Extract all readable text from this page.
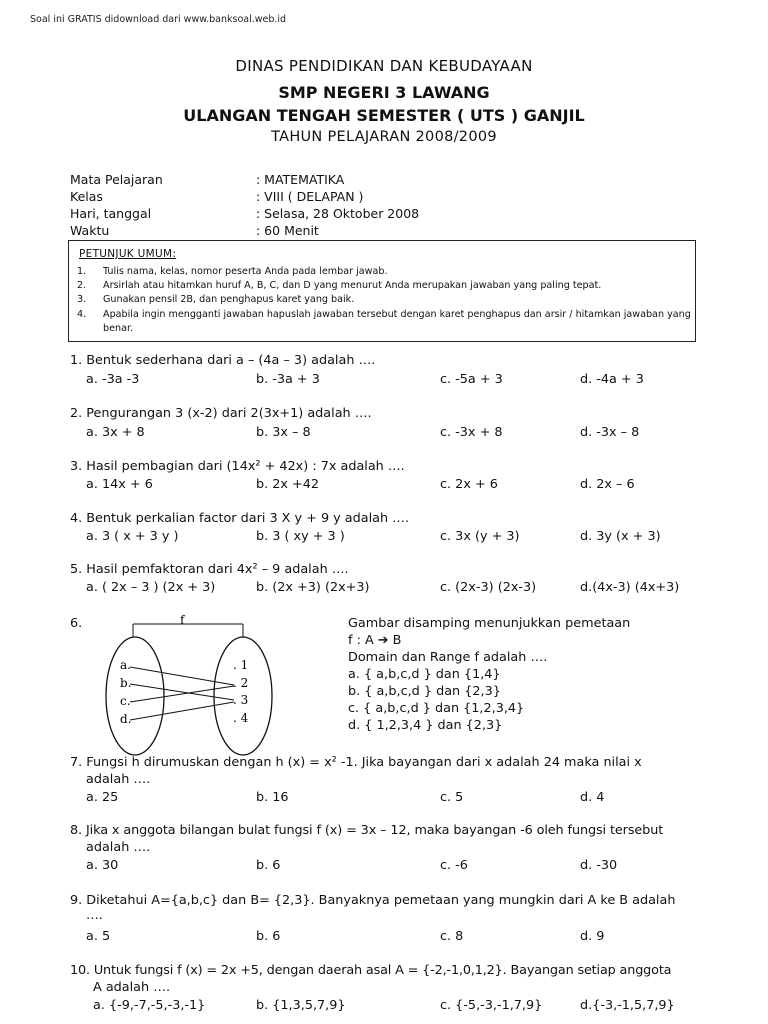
Soal ini GRATIS didownload dari www.banksoal.web.id
DINAS PENDIDIKAN DAN KEBUDAYAAN
SMP NEGERI 3 LAWANG
ULANGAN TENGAH SEMESTER ( UTS ) GANJIL
TAHUN PELAJARAN 2008/2009
Mata Pelajaran	: MATEMATIKA
Kelas	: VIII ( DELAPAN )
Hari, tanggal	: Selasa, 28 Oktober 2008
Waktu	: 60 Menit
PETUNJUK UMUM:
1. Tulis nama, kelas, nomor peserta Anda pada lembar jawab.
2. Arsirlah atau hitamkan huruf A, B, C, dan D yang menurut Anda merupakan jawaban yang paling tepat.
3. Gunakan pensil 2B, dan penghapus karet yang baik.
4. Apabila ingin mengganti jawaban hapuslah jawaban tersebut dengan karet penghapus dan arsir / hitamkan jawaban yang benar.
1. Bentuk sederhana dari a – (4a – 3) adalah ….
a. -3a -3	b. -3a + 3	c. -5a + 3	d. -4a + 3
2. Pengurangan 3 (x-2) dari 2(3x+1) adalah ….
a. 3x + 8	b. 3x – 8	c. -3x + 8	d. -3x – 8
3. Hasil pembagian dari (14x² + 42x) : 7x adalah ….
a. 14x + 6	b. 2x +42	c. 2x + 6	d. 2x – 6
4. Bentuk perkalian factor dari 3 X y + 9 y adalah ….
a. 3 ( x + 3 y )	b. 3 ( xy + 3 )	c. 3x (y + 3)	d. 3y (x + 3)
5. Hasil pemfaktoran dari 4x² – 9 adalah ….
a. ( 2x – 3 ) (2x + 3)	b. (2x +3) (2x+3)	c. (2x-3) (2x-3)	d.(4x-3) (4x+3)
6.	f
a.
b.
c.
d.
. 1
. 2
. 3
. 4
Gambar disamping menunjukkan pemetaan
f : A ➔ B
Domain dan Range f adalah ….
a. { a,b,c,d } dan {1,4}
b. { a,b,c,d } dan {2,3}
c. { a,b,c,d } dan {1,2,3,4}
d. { 1,2,3,4 } dan {2,3}
7. Fungsi h dirumuskan dengan h (x) = x² -1. Jika bayangan dari x adalah 24 maka nilai x
adalah ….
a. 25	b. 16	c. 5	d. 4
8. Jika x anggota bilangan bulat fungsi f (x) = 3x – 12, maka bayangan -6 oleh fungsi tersebut
adalah ….
a. 30	b. 6	c. -6	d. -30
9. Diketahui A={a,b,c} dan B= {2,3}. Banyaknya pemetaan yang mungkin dari A ke B adalah
….
a. 5	b. 6	c. 8	d. 9
10. Untuk fungsi f (x) = 2x +5, dengan daerah asal A = {-2,-1,0,1,2}. Bayangan setiap anggota
A adalah ….
a. {-9,-7,-5,-3,-1}	b. {1,3,5,7,9}	c. {-5,-3,-1,7,9}	d.{-3,-1,5,7,9}
